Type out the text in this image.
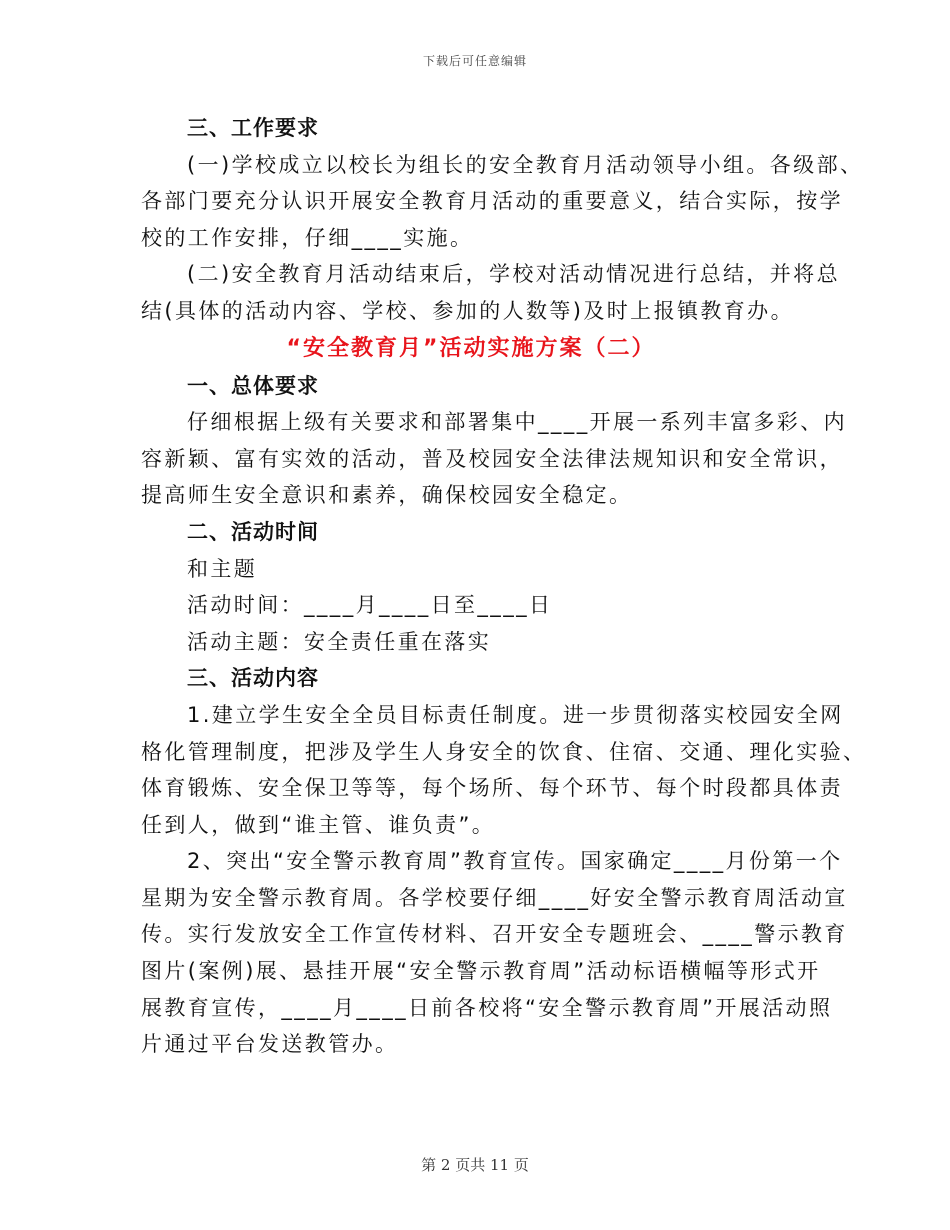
下载后可任意编辑
三、工作要求
(一)学校成立以校长为组长的安全教育月活动领导小组。各级部、
各部门要充分认识开展安全教育月活动的重要意义，结合实际，按学
校的工作安排，仔细____实施。
(二)安全教育月活动结束后，学校对活动情况进行总结，并将总
结(具体的活动内容、学校、参加的人数等)及时上报镇教育办。
“安全教育月”活动实施方案（二）
一、总体要求
仔细根据上级有关要求和部署集中____开展一系列丰富多彩、内
容新颖、富有实效的活动，普及校园安全法律法规知识和安全常识，
提高师生安全意识和素养，确保校园安全稳定。
二、活动时间
和主题
活动时间：____月____日至____日
活动主题：安全责任重在落实
三、活动内容
1.建立学生安全全员目标责任制度。进一步贯彻落实校园安全网
格化管理制度，把涉及学生人身安全的饮食、住宿、交通、理化实验、
体育锻炼、安全保卫等等，每个场所、每个环节、每个时段都具体责
任到人，做到“谁主管、谁负责”。
2、突出“安全警示教育周”教育宣传。国家确定____月份第一个
星期为安全警示教育周。各学校要仔细____好安全警示教育周活动宣
传。实行发放安全工作宣传材料、召开安全专题班会、____警示教育
图片(案例)展、悬挂开展“安全警示教育周”活动标语横幅等形式开
展教育宣传，____月____日前各校将“安全警示教育周”开展活动照
片通过平台发送教管办。
第 2 页共 11 页
